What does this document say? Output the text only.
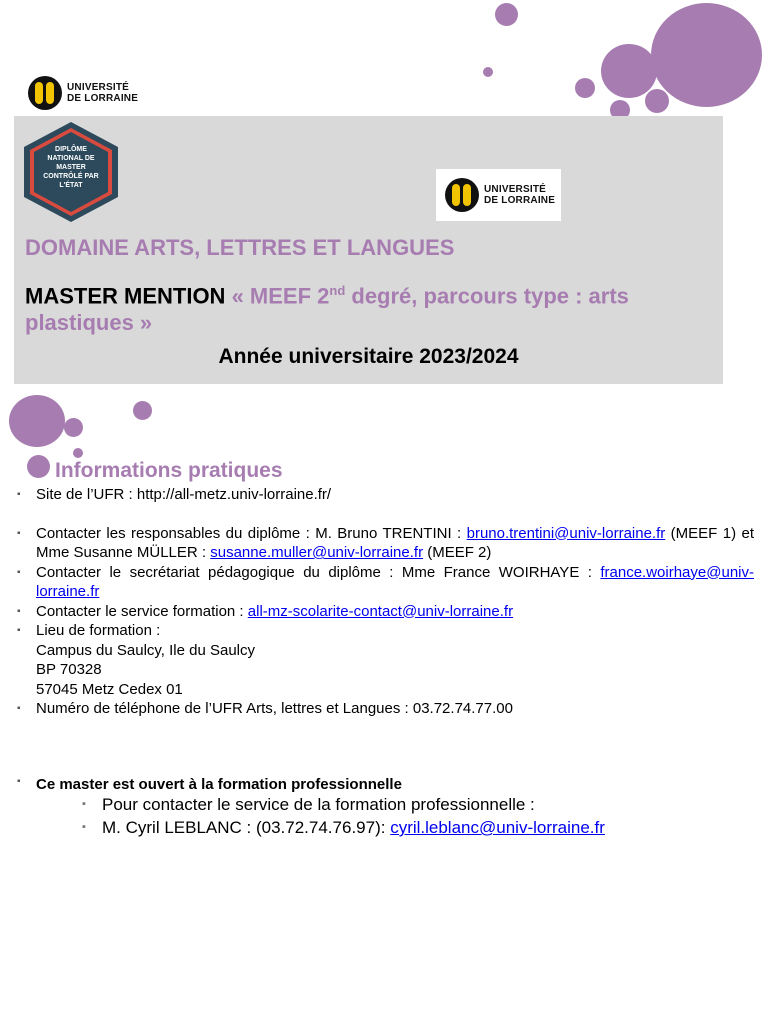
UNIVERSITÉ
DE LORRAINE
DIPLÔME NATIONAL DE MASTER CONTRÔLÉ PAR L'ÉTAT	UNIVERSITÉ
DE LORRAINE
DOMAINE ARTS, LETTRES ET LANGUES
MASTER MENTION « MEEF 2nd degré, parcours type : arts plastiques »
Année universitaire 2023/2024
Informations pratiques
▪ Site de l’UFR : http://all-metz.univ-lorraine.fr/
▪ Contacter les responsables du diplôme : M. Bruno TRENTINI : bruno.trentini@univ-lorraine.fr (MEEF 1) et Mme Susanne MÜLLER : susanne.muller@univ-lorraine.fr (MEEF 2)
▪ Contacter le secrétariat pédagogique du diplôme : Mme France WOIRHAYE : france.woirhaye@univ-lorraine.fr
▪ Contacter le service formation : all-mz-scolarite-contact@univ-lorraine.fr
▪ Lieu de formation :
Campus du Saulcy, Ile du Saulcy
BP 70328
57045 Metz Cedex 01
▪ Numéro de téléphone de l’UFR Arts, lettres et Langues : 03.72.74.77.00
▪ Ce master est ouvert à la formation professionnelle
▪ Pour contacter le service de la formation professionnelle :
▪ M. Cyril LEBLANC : (03.72.74.76.97): cyril.leblanc@univ-lorraine.fr
